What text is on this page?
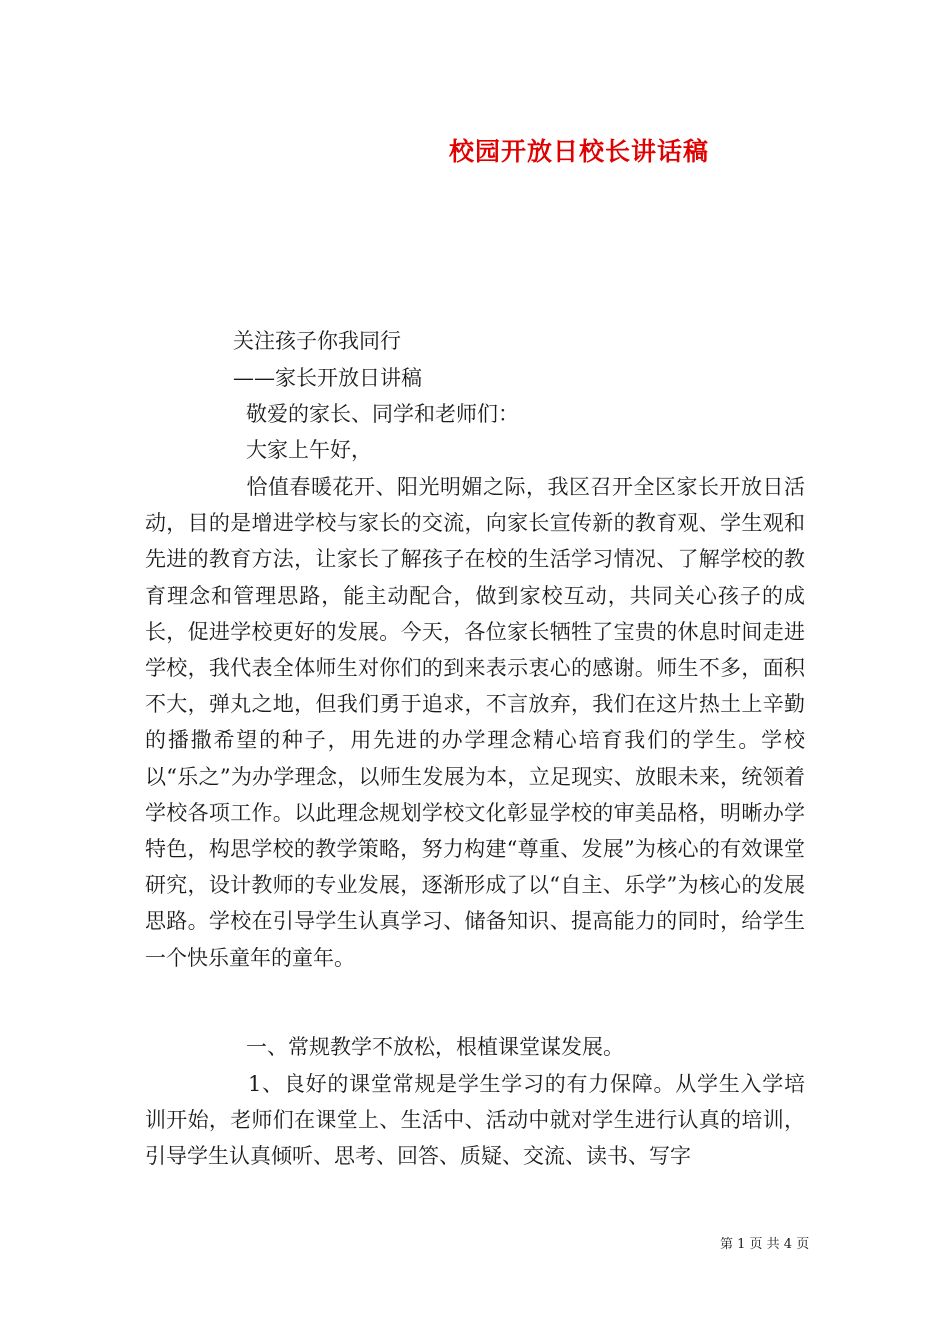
校园开放日校长讲话稿
关注孩子你我同行
——家长开放日讲稿
敬爱的家长、同学和老师们：
大家上午好，
恰值春暖花开、阳光明媚之际，我区召开全区家长开放日活动，目的是增进学校与家长的交流，向家长宣传新的教育观、学生观和先进的教育方法，让家长了解孩子在校的生活学习情况、了解学校的教育理念和管理思路，能主动配合，做到家校互动，共同关心孩子的成长，促进学校更好的发展。今天，各位家长牺牲了宝贵的休息时间走进学校，我代表全体师生对你们的到来表示衷心的感谢。师生不多，面积不大，弹丸之地，但我们勇于追求，不言放弃，我们在这片热土上辛勤的播撒希望的种子，用先进的办学理念精心培育我们的学生。学校以“乐之”为办学理念，以师生发展为本，立足现实、放眼未来，统领着学校各项工作。以此理念规划学校文化彰显学校的审美品格，明晰办学特色，构思学校的教学策略，努力构建“尊重、发展”为核心的有效课堂研究，设计教师的专业发展，逐渐形成了以“自主、乐学”为核心的发展思路。学校在引导学生认真学习、储备知识、提高能力的同时，给学生一个快乐童年的童年。
一、常规教学不放松，根植课堂谋发展。
1、良好的课堂常规是学生学习的有力保障。从学生入学培训开始，老师们在课堂上、生活中、活动中就对学生进行认真的培训，引导学生认真倾听、思考、回答、质疑、交流、读书、写字
第 1 页 共 4 页
